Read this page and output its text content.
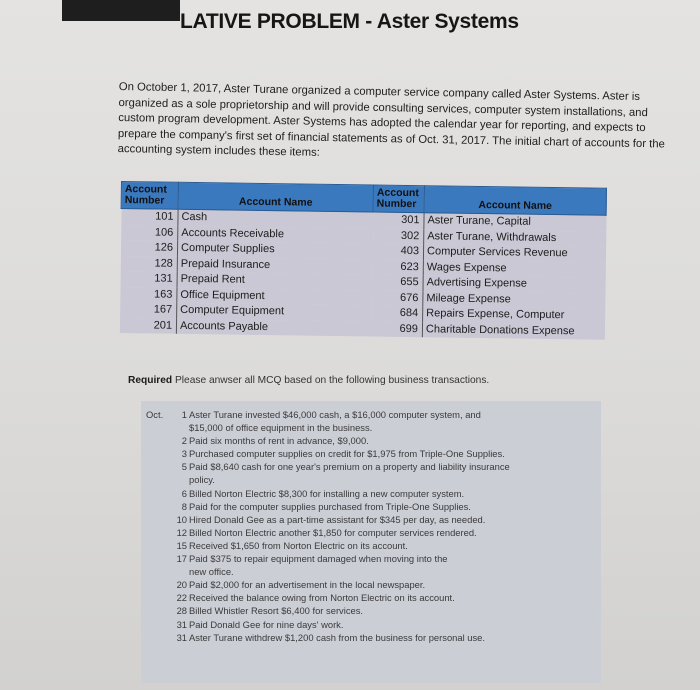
LATIVE PROBLEM - Aster Systems
On October 1, 2017, Aster Turane organized a computer service company called Aster Systems. Aster is organized as a sole proprietorship and will provide consulting services, computer system installations, and custom program development. Aster Systems has adopted the calendar year for reporting, and expects to prepare the company's first set of financial statements as of Oct. 31, 2017. The initial chart of accounts for the accounting system includes these items:
Account Number	Account Name	Account Number	Account Name
101	Cash	301	Aster Turane, Capital
106	Accounts Receivable	302	Aster Turane, Withdrawals
126	Computer Supplies	403	Computer Services Revenue
128	Prepaid Insurance	623	Wages Expense
131	Prepaid Rent	655	Advertising Expense
163	Office Equipment	676	Mileage Expense
167	Computer Equipment	684	Repairs Expense, Computer
201	Accounts Payable	699	Charitable Donations Expense
Required Please anwser all MCQ based on the following business transactions.
Oct.	1 Aster Turane invested $46,000 cash, a $16,000 computer system, and
$15,000 of office equipment in the business.
2 Paid six months of rent in advance, $9,000.
3 Purchased computer supplies on credit for $1,975 from Triple-One Supplies.
5 Paid $8,640 cash for one year's premium on a property and liability insurance
policy.
6 Billed Norton Electric $8,300 for installing a new computer system.
8 Paid for the computer supplies purchased from Triple-One Supplies.
10 Hired Donald Gee as a part-time assistant for $345 per day, as needed.
12 Billed Norton Electric another $1,850 for computer services rendered.
15 Received $1,650 from Norton Electric on its account.
17 Paid $375 to repair equipment damaged when moving into the
new office.
20 Paid $2,000 for an advertisement in the local newspaper.
22 Received the balance owing from Norton Electric on its account.
28 Billed Whistler Resort $6,400 for services.
31 Paid Donald Gee for nine days' work.
31 Aster Turane withdrew $1,200 cash from the business for personal use.
